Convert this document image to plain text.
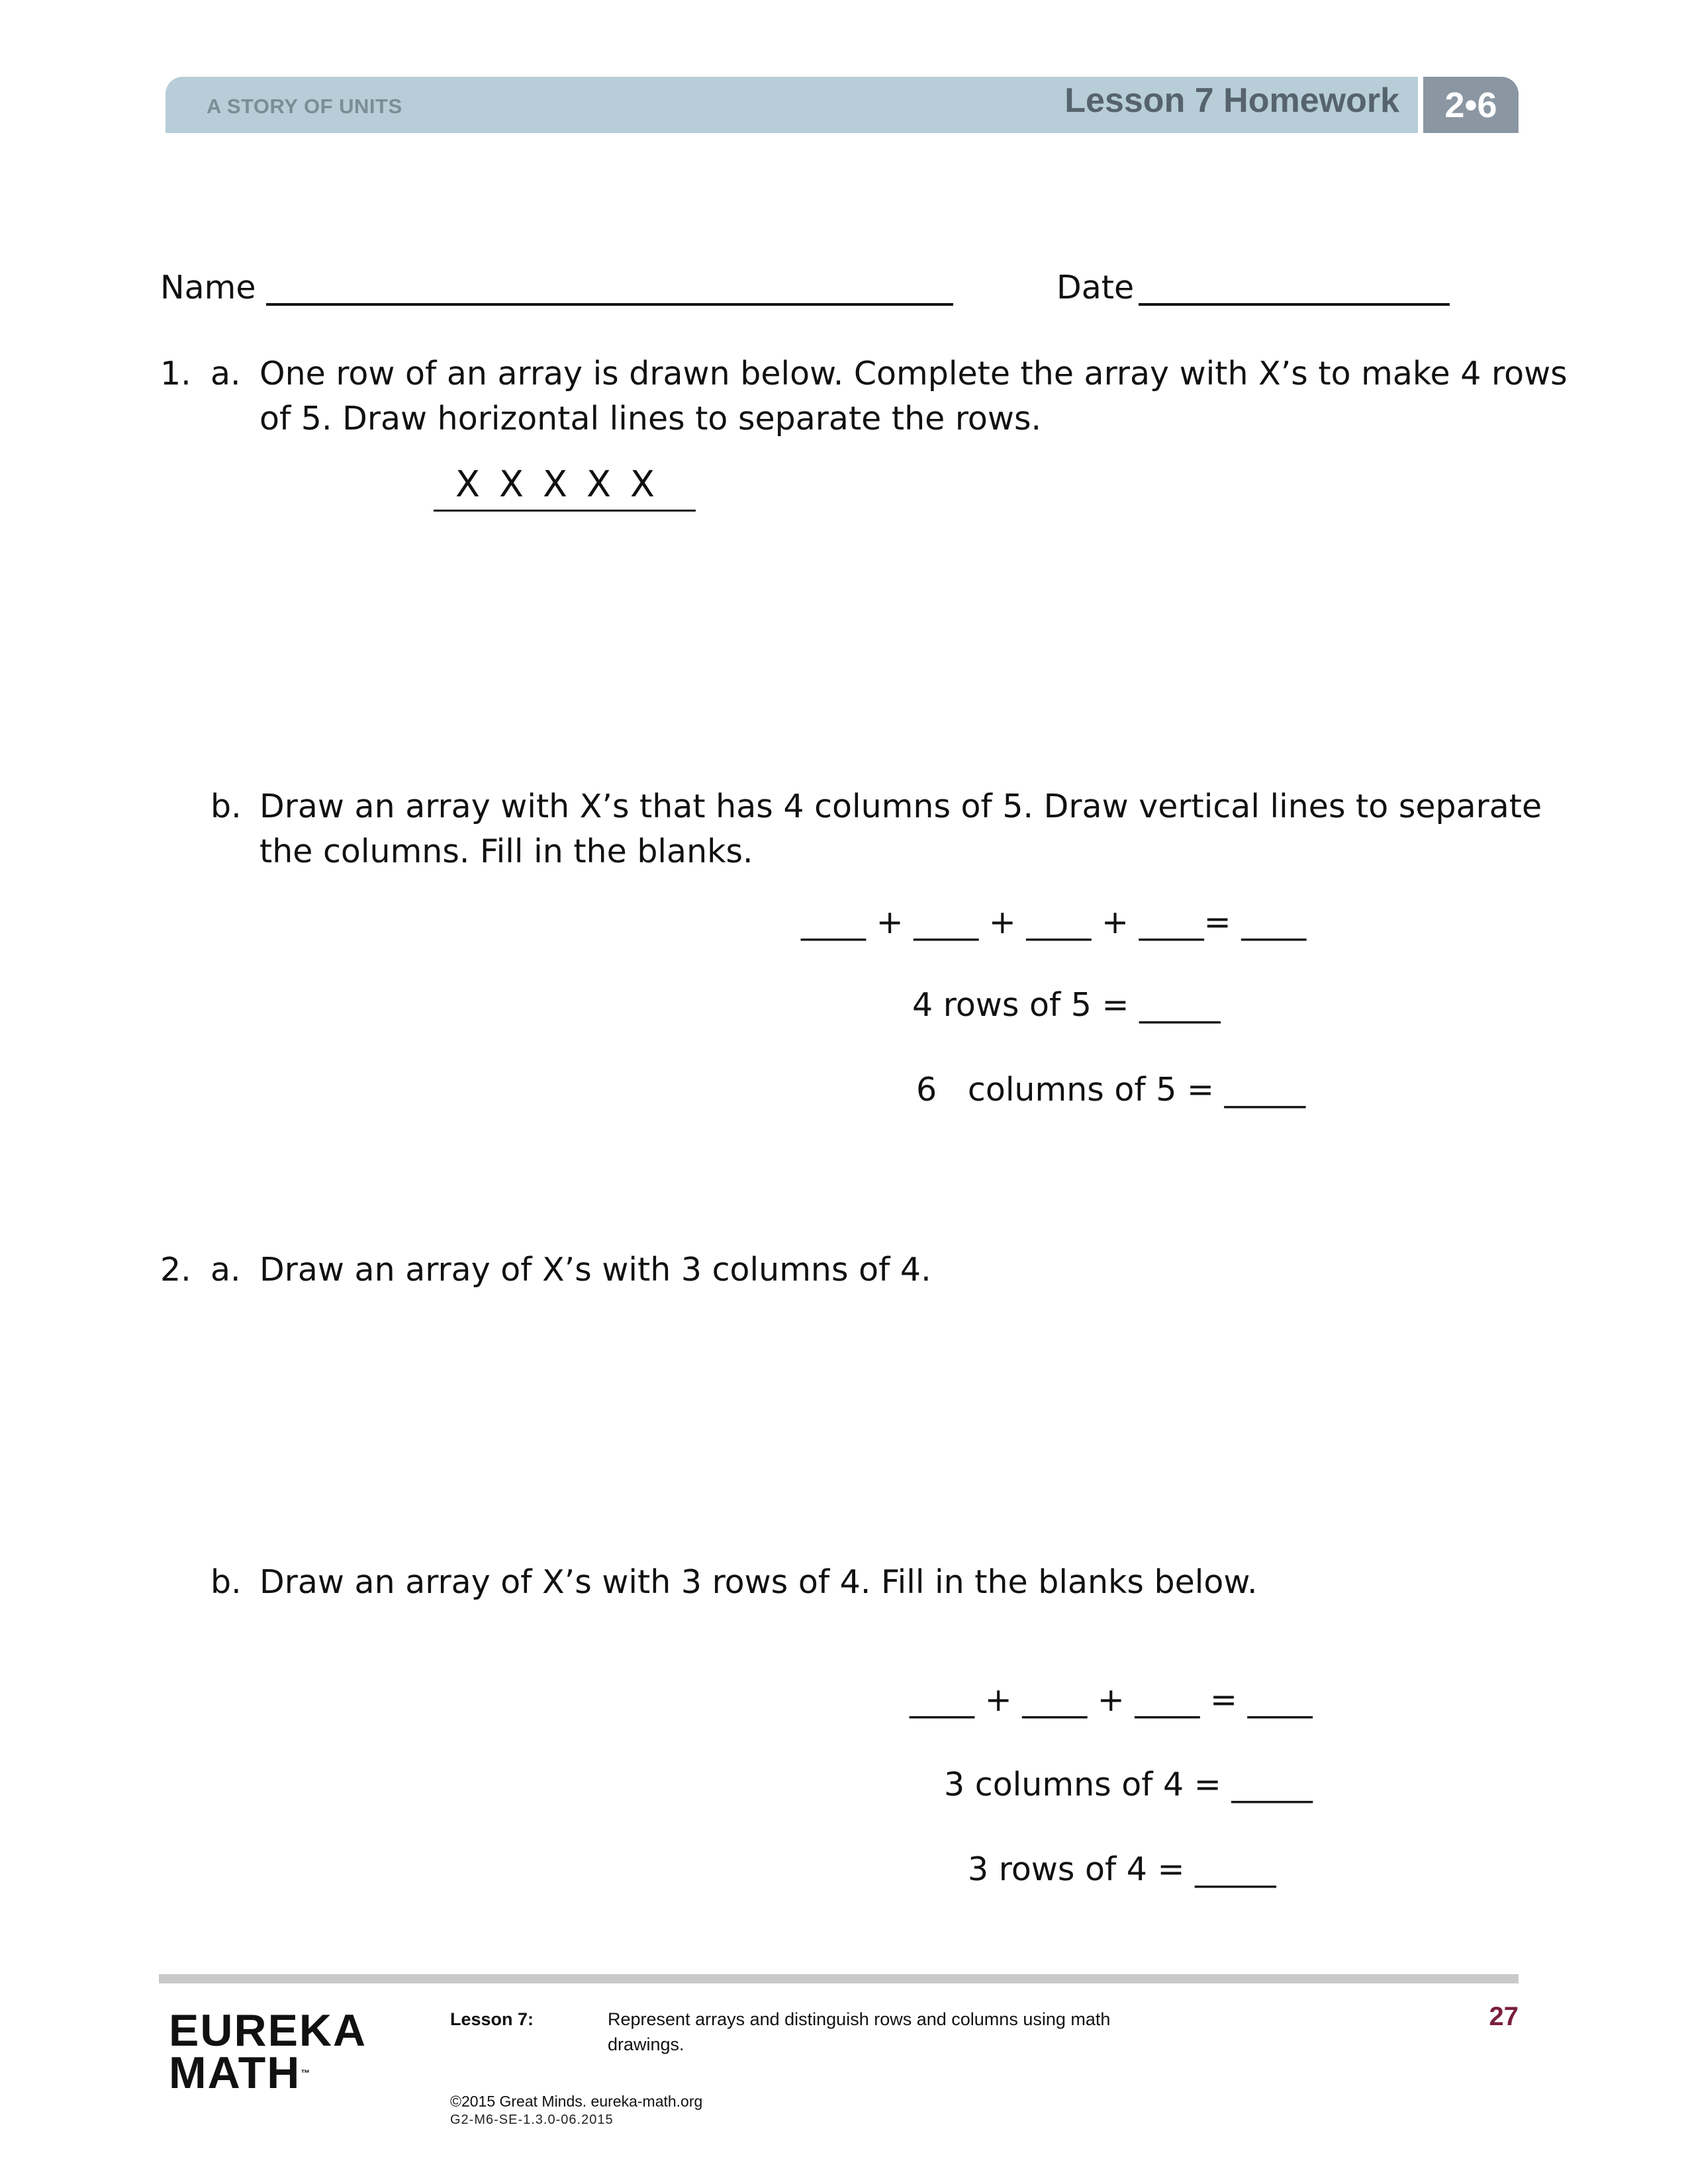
A STORY OF UNITS	Lesson 7 Homework	2•6
Name	Date
1. a. One row of an array is drawn below. Complete the array with X’s to make 4 rows
of 5. Draw horizontal lines to separate the rows.
X X X X X
b. Draw an array with X’s that has 4 columns of 5. Draw vertical lines to separate
the columns. Fill in the blanks.
____ + ____ + ____ + ____= ____
4 rows of 5 = _____
6   columns of 5 = _____
2. a. Draw an array of X’s with 3 columns of 4.
b. Draw an array of X’s with 3 rows of 4. Fill in the blanks below.
____ + ____ + ____ = ____
3 columns of 4 = _____
3 rows of 4 = _____
EUREKA
MATH™
Lesson 7:	Represent arrays and distinguish rows and columns using math
drawings.
27
©2015 Great Minds. eureka-math.org
G2-M6-SE-1.3.0-06.2015
